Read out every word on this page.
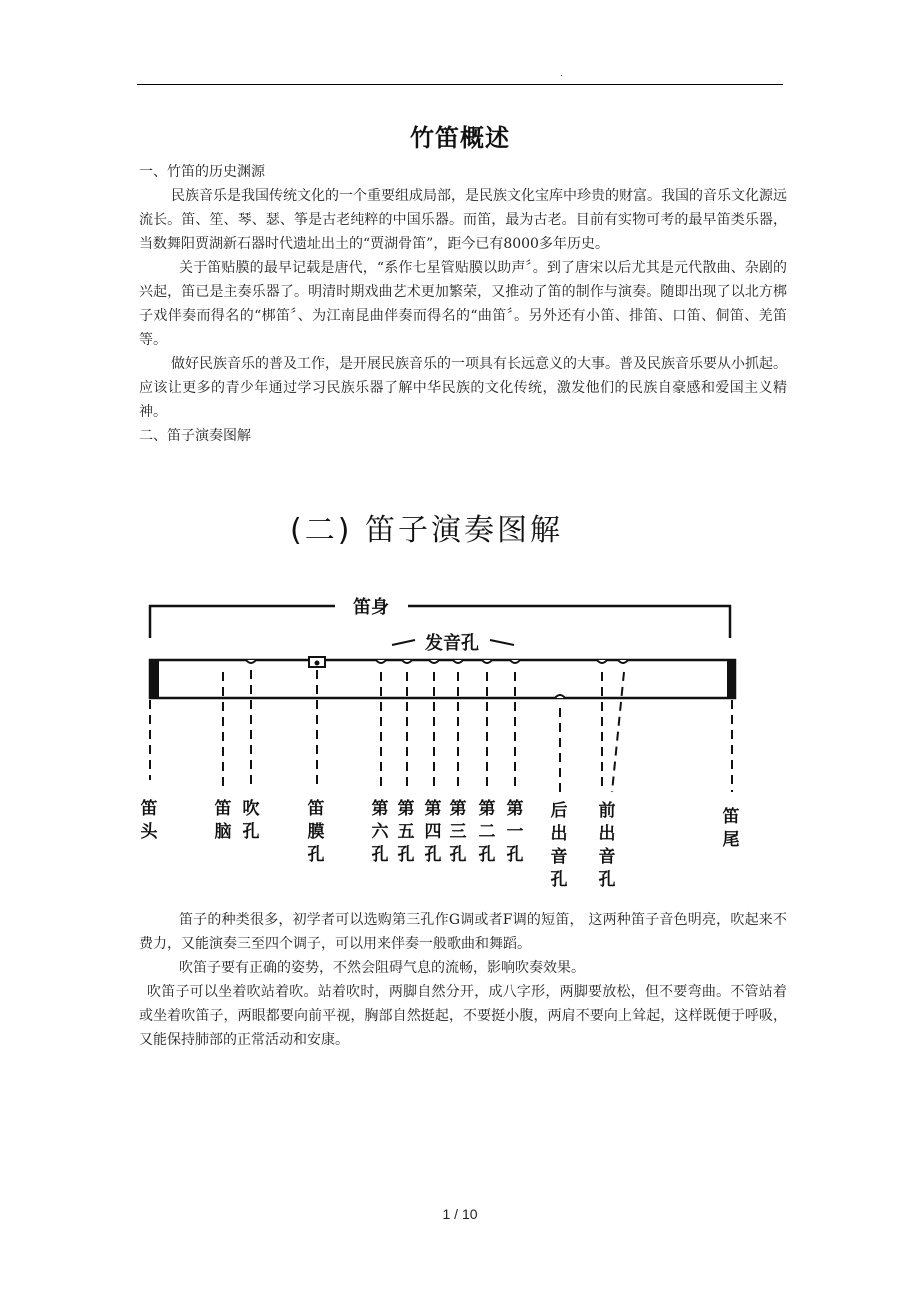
.
竹笛概述

一、竹笛的历史渊源

民族音乐是我国传统文化的一个重要组成局部，是民族文化宝库中珍贵的财富。我国的音乐文化源远流长。笛、笙、琴、瑟、筝是古老纯粹的中国乐器。而笛，最为古老。目前有实物可考的最早笛类乐器，当数舞阳贾湖新石器时代遗址出土的“贾湖骨笛”，距今已有8000多年历史。

关于笛贴膜的最早记载是唐代，“系作七星管贴膜以助声〞。到了唐宋以后尤其是元代散曲、杂剧的兴起，笛已是主奏乐器了。明清时期戏曲艺术更加繁荣，又推动了笛的制作与演奏。随即出现了以北方梆子戏伴奏而得名的“梆笛〞、为江南昆曲伴奏而得名的“曲笛〞。另外还有小笛、排笛、口笛、侗笛、羌笛等。

做好民族音乐的普及工作，是开展民族音乐的一项具有长远意义的大事。普及民族音乐要从小抓起。应该让更多的青少年通过学习民族乐器了解中华民族的文化传统，激发他们的民族自豪感和爱国主义精神。

二、笛子演奏图解

(二) 笛子演奏图解
笛身
发音孔
笛头
笛脑
吹孔
笛膜孔
第六孔
第五孔
第四孔
第三孔
第二孔
第一孔
后出音孔
前出音孔
笛尾

笛子的种类很多，初学者可以选购第三孔作G调或者F调的短笛， 这两种笛子音色明亮，吹起来不费力，又能演奏三至四个调子，可以用来伴奏一般歌曲和舞蹈。

吹笛子要有正确的姿势，不然会阻碍气息的流畅，影响吹奏效果。

吹笛子可以坐着吹站着吹。站着吹时，两脚自然分开，成八字形，两脚要放松，但不要弯曲。不管站着或坐着吹笛子，两眼都要向前平视，胸部自然挺起，不要挺小腹，两肩不要向上耸起，这样既便于呼吸，又能保持肺部的正常活动和安康。

1 / 10
